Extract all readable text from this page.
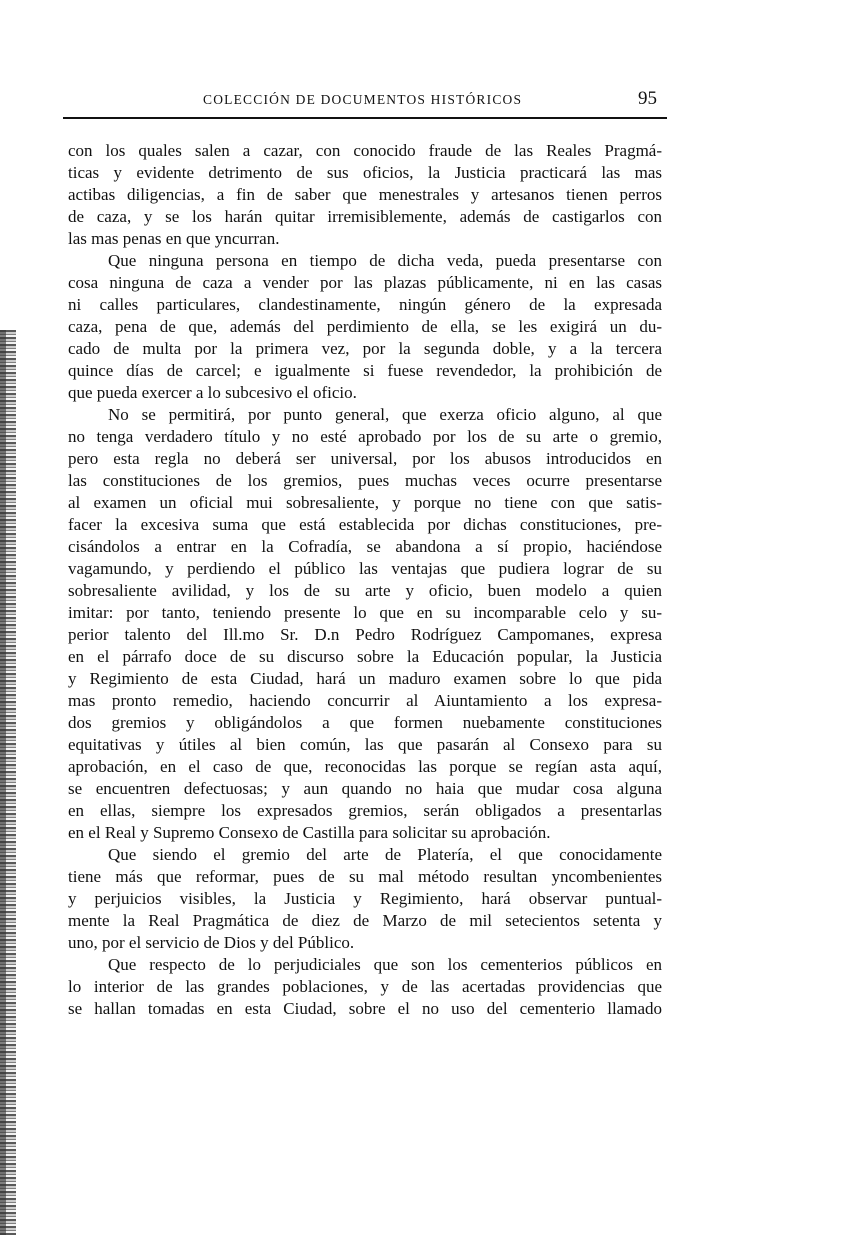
COLECCIÓN DE DOCUMENTOS HISTÓRICOS	95
con los quales salen a cazar, con conocido fraude de las Reales Pragmá-
ticas y evidente detrimento de sus oficios, la Justicia practicará las mas
actibas diligencias, a fin de saber que menestrales y artesanos tienen perros
de caza, y se los harán quitar irremisiblemente, además de castigarlos con
las mas penas en que yncurran.
Que ninguna persona en tiempo de dicha veda, pueda presentarse con
cosa ninguna de caza a vender por las plazas públicamente, ni en las casas
ni calles particulares, clandestinamente, ningún género de la expresada
caza, pena de que, además del perdimiento de ella, se les exigirá un du-
cado de multa por la primera vez, por la segunda doble, y a la tercera
quince días de carcel; e igualmente si fuese revendedor, la prohibición de
que pueda exercer a lo subcesivo el oficio.
No se permitirá, por punto general, que exerza oficio alguno, al que
no tenga verdadero título y no esté aprobado por los de su arte o gremio,
pero esta regla no deberá ser universal, por los abusos introducidos en
las constituciones de los gremios, pues muchas veces ocurre presentarse
al examen un oficial mui sobresaliente, y porque no tiene con que satis-
facer la excesiva suma que está establecida por dichas constituciones, pre-
cisándolos a entrar en la Cofradía, se abandona a sí propio, haciéndose
vagamundo, y perdiendo el público las ventajas que pudiera lograr de su
sobresaliente avilidad, y los de su arte y oficio, buen modelo a quien
imitar: por tanto, teniendo presente lo que en su incomparable celo y su-
perior talento del Ill.mo Sr. D.n Pedro Rodríguez Campomanes, expresa
en el párrafo doce de su discurso sobre la Educación popular, la Justicia
y Regimiento de esta Ciudad, hará un maduro examen sobre lo que pida
mas pronto remedio, haciendo concurrir al Aiuntamiento a los expresa-
dos gremios y obligándolos a que formen nuebamente constituciones
equitativas y útiles al bien común, las que pasarán al Consexo para su
aprobación, en el caso de que, reconocidas las porque se regían asta aquí,
se encuentren defectuosas; y aun quando no haia que mudar cosa alguna
en ellas, siempre los expresados gremios, serán obligados a presentarlas
en el Real y Supremo Consexo de Castilla para solicitar su aprobación.
Que siendo el gremio del arte de Platería, el que conocidamente
tiene más que reformar, pues de su mal método resultan yncombenientes
y perjuicios visibles, la Justicia y Regimiento, hará observar puntual-
mente la Real Pragmática de diez de Marzo de mil setecientos setenta y
uno, por el servicio de Dios y del Público.
Que respecto de lo perjudiciales que son los cementerios públicos en
lo interior de las grandes poblaciones, y de las acertadas providencias que
se hallan tomadas en esta Ciudad, sobre el no uso del cementerio llamado
